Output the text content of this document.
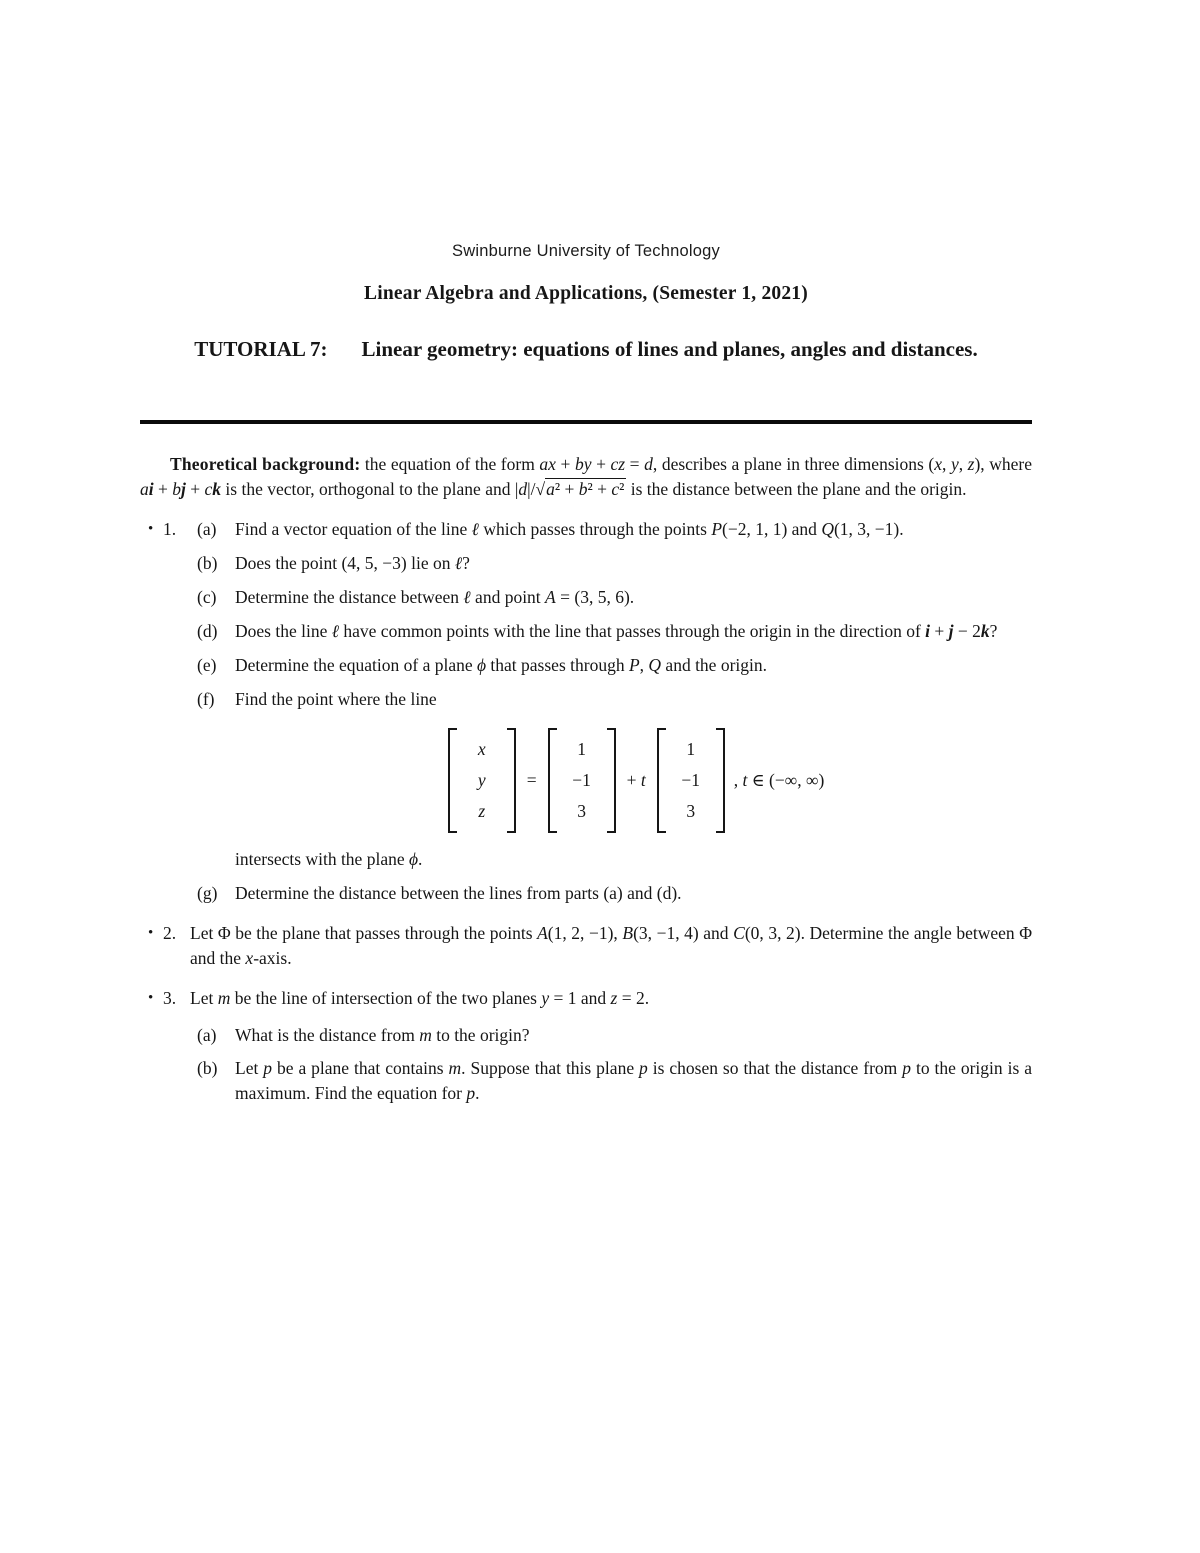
Swinburne University of Technology
Linear Algebra and Applications, (Semester 1, 2021)
TUTORIAL 7: Linear geometry: equations of lines and planes, angles and distances.
Theoretical background: the equation of the form ax + by + cz = d, describes a plane in three dimensions (x, y, z), where ai + bj + ck is the vector, orthogonal to the plane and |d|/√a² + b² + c² is the distance between the plane and the origin.
• 1.	(a)	Find a vector equation of the line ℓ which passes through the points P(−2, 1, 1) and Q(1, 3, −1).
(b)	Does the point (4, 5, −3) lie on ℓ?
(c)	Determine the distance between ℓ and point A = (3, 5, 6).
(d)	Does the line ℓ have common points with the line that passes through the origin in the direction of i + j − 2k?
(e)	Determine the equation of a plane ϕ that passes through P, Q and the origin.
(f)	Find the point where the line
x
y
z
=
1
−1
3
+ t
1
−1
3
, t ∈ (−∞, ∞)
intersects with the plane ϕ.
(g)	Determine the distance between the lines from parts (a) and (d).
• 2. Let Φ be the plane that passes through the points A(1, 2, −1), B(3, −1, 4) and C(0, 3, 2). Determine the angle between Φ and the x-axis.
• 3. Let m be the line of intersection of the two planes y = 1 and z = 2.
(a)	What is the distance from m to the origin?
(b)	Let p be a plane that contains m. Suppose that this plane p is chosen so that the distance from p to the origin is a maximum. Find the equation for p.
